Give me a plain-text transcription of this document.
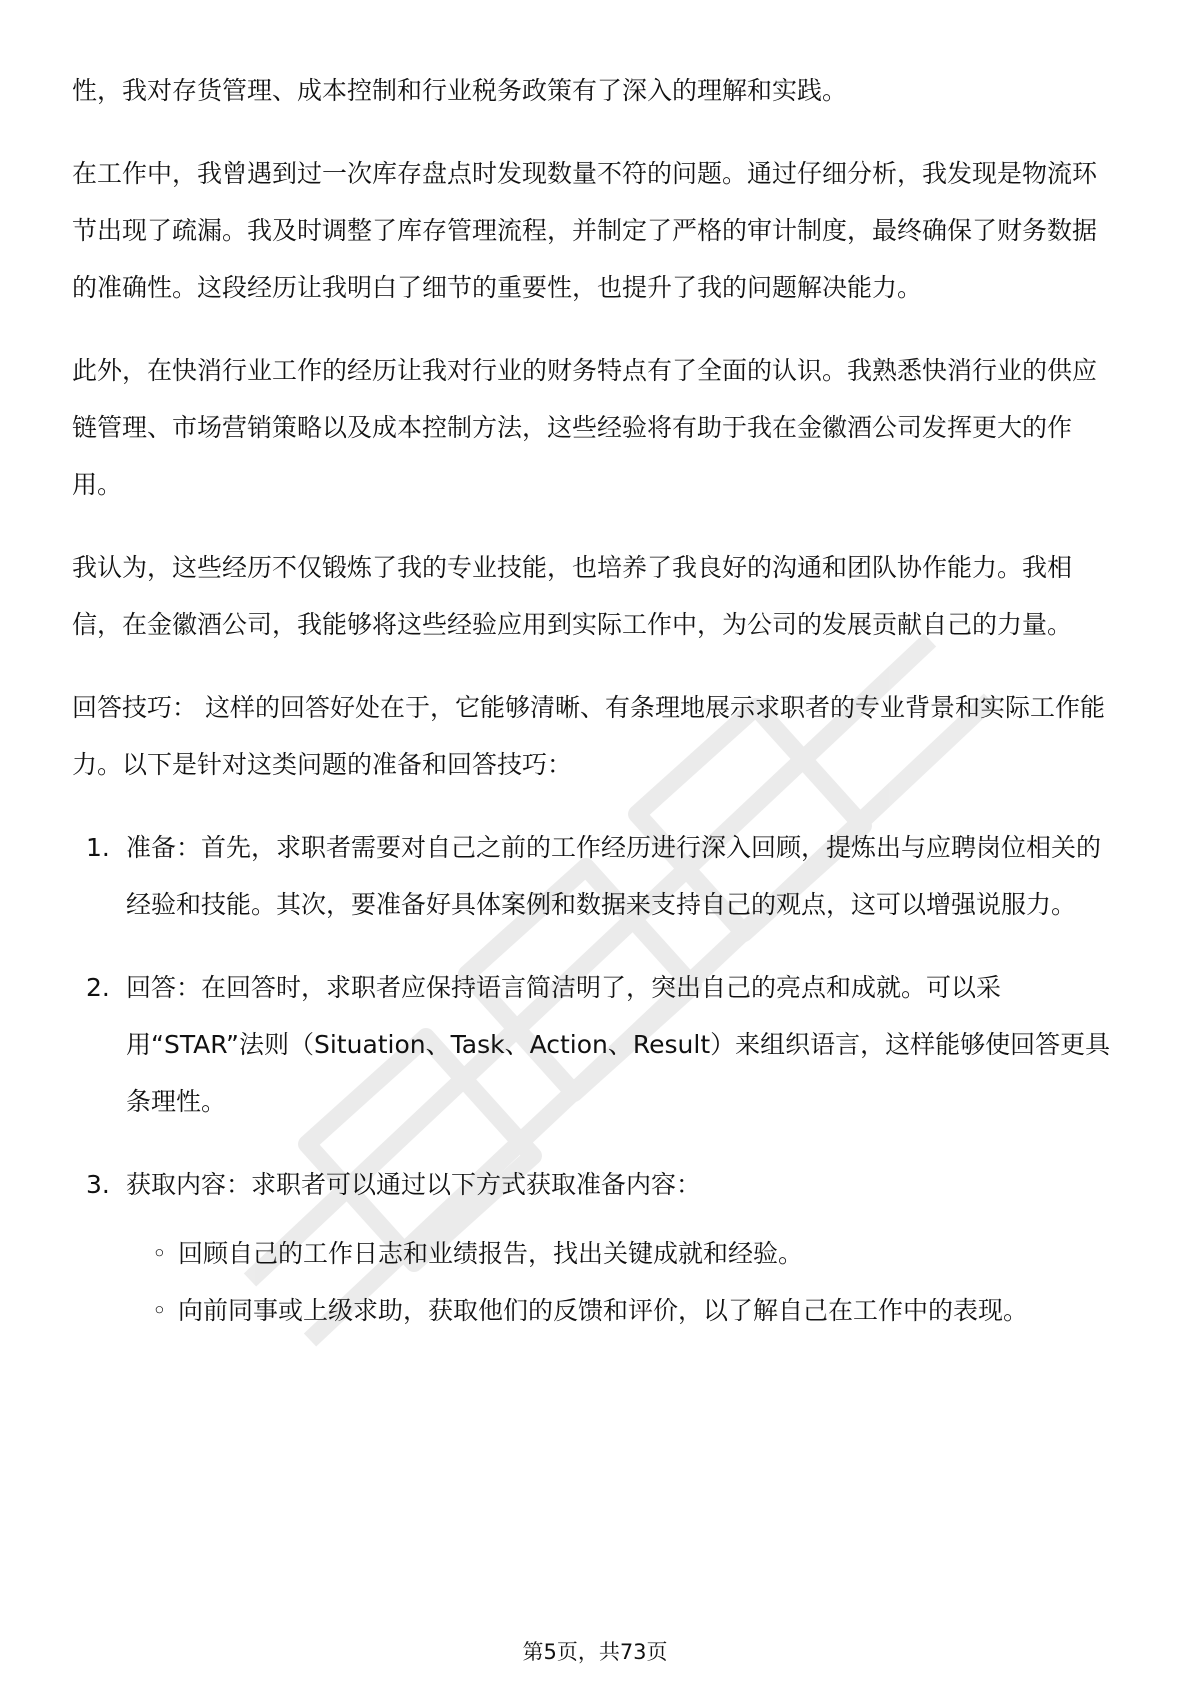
性，我对存货管理、成本控制和行业税务政策有了深入的理解和实践。

在工作中，我曾遇到过一次库存盘点时发现数量不符的问题。通过仔细分析，我发现是物流环节出现了疏漏。我及时调整了库存管理流程，并制定了严格的审计制度，最终确保了财务数据的准确性。这段经历让我明白了细节的重要性，也提升了我的问题解决能力。

此外，在快消行业工作的经历让我对行业的财务特点有了全面的认识。我熟悉快消行业的供应链管理、市场营销策略以及成本控制方法，这些经验将有助于我在金徽酒公司发挥更大的作用。

我认为，这些经历不仅锻炼了我的专业技能，也培养了我良好的沟通和团队协作能力。我相信，在金徽酒公司，我能够将这些经验应用到实际工作中，为公司的发展贡献自己的力量。

回答技巧： 这样的回答好处在于，它能够清晰、有条理地展示求职者的专业背景和实际工作能力。以下是针对这类问题的准备和回答技巧：

1. 准备：首先，求职者需要对自己之前的工作经历进行深入回顾，提炼出与应聘岗位相关的经验和技能。其次，要准备好具体案例和数据来支持自己的观点，这可以增强说服力。
2. 回答：在回答时，求职者应保持语言简洁明了，突出自己的亮点和成就。可以采用“STAR”法则（Situation、Task、Action、Result）来组织语言，这样能够使回答更具条理性。
3. 获取内容：求职者可以通过以下方式获取准备内容：
◦ 回顾自己的工作日志和业绩报告，找出关键成就和经验。
◦ 向前同事或上级求助，获取他们的反馈和评价，以了解自己在工作中的表现。
第5页，共73页
